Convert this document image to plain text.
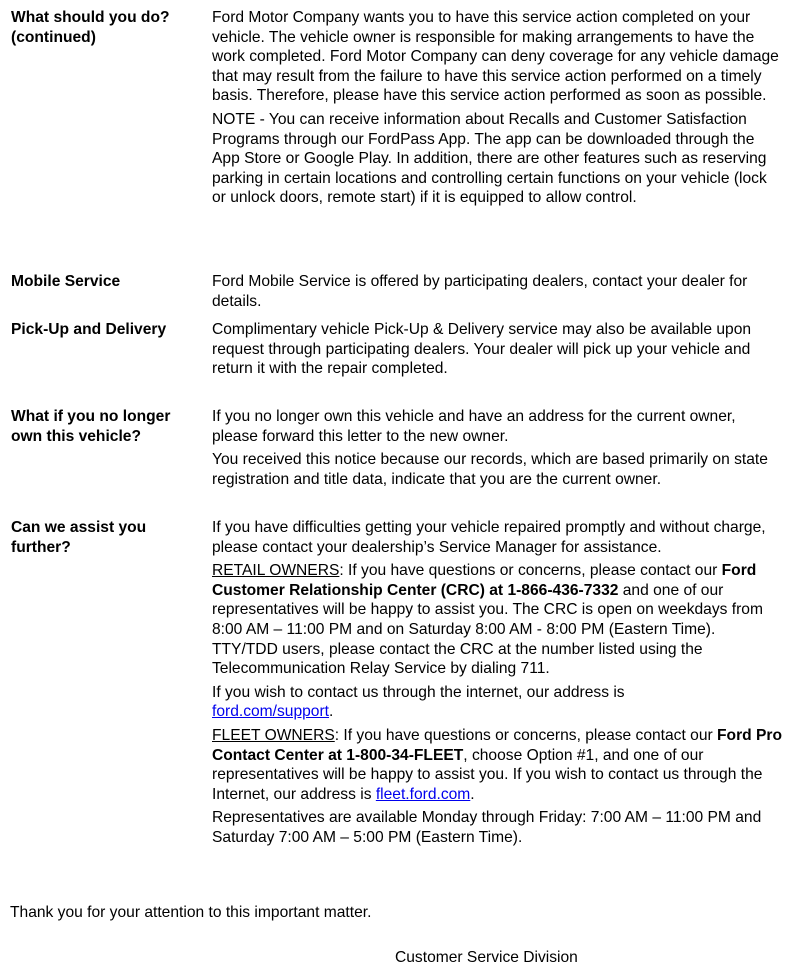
What should you do? (continued)

Ford Motor Company wants you to have this service action completed on your vehicle. The vehicle owner is responsible for making arrangements to have the work completed. Ford Motor Company can deny coverage for any vehicle damage that may result from the failure to have this service action performed on a timely basis. Therefore, please have this service action performed as soon as possible.

NOTE - You can receive information about Recalls and Customer Satisfaction Programs through our FordPass App. The app can be downloaded through the App Store or Google Play. In addition, there are other features such as reserving parking in certain locations and controlling certain functions on your vehicle (lock or unlock doors, remote start) if it is equipped to allow control.

Mobile Service	Ford Mobile Service is offered by participating dealers, contact your dealer for details.

Pick-Up and Delivery	Complimentary vehicle Pick-Up & Delivery service may also be available upon request through participating dealers. Your dealer will pick up your vehicle and return it with the repair completed.

What if you no longer own this vehicle?

If you no longer own this vehicle and have an address for the current owner, please forward this letter to the new owner.

You received this notice because our records, which are based primarily on state registration and title data, indicate that you are the current owner.

Can we assist you further?

If you have difficulties getting your vehicle repaired promptly and without charge, please contact your dealership’s Service Manager for assistance.

RETAIL OWNERS: If you have questions or concerns, please contact our Ford Customer Relationship Center (CRC) at 1-866-436-7332 and one of our representatives will be happy to assist you. The CRC is open on weekdays from 8:00 AM – 11:00 PM and on Saturday 8:00 AM - 8:00 PM (Eastern Time). TTY/TDD users, please contact the CRC at the number listed using the Telecommunication Relay Service by dialing 711.

If you wish to contact us through the internet, our address is
ford.com/support.

FLEET OWNERS: If you have questions or concerns, please contact our Ford Pro Contact Center at 1-800-34-FLEET, choose Option #1, and one of our representatives will be happy to assist you. If you wish to contact us through the Internet, our address is fleet.ford.com.

Representatives are available Monday through Friday: 7:00 AM – 11:00 PM and Saturday 7:00 AM – 5:00 PM (Eastern Time).

Thank you for your attention to this important matter.
Customer Service Division
